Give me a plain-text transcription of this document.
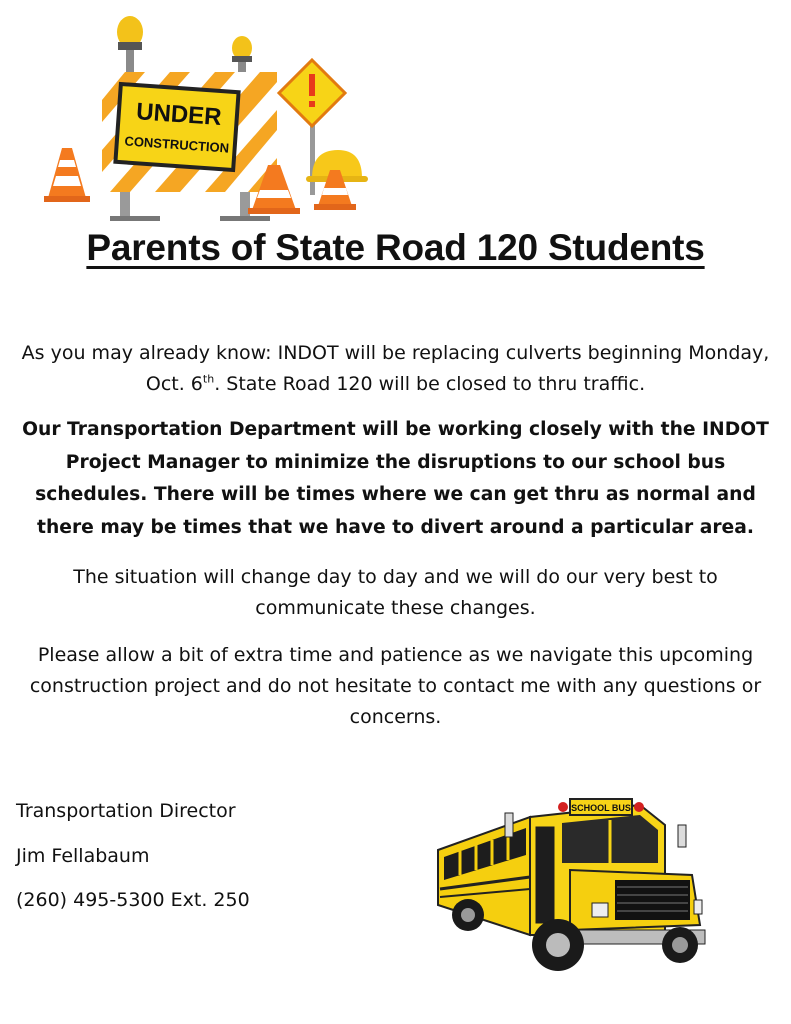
UNDER
CONSTRUCTION
Parents of State Road 120 Students

As you may already know: INDOT will be replacing culverts beginning Monday, Oct. 6th. State Road 120 will be closed to thru traffic.

Our Transportation Department will be working closely with the INDOT Project Manager to minimize the disruptions to our school bus schedules. There will be times where we can get thru as normal and there may be times that we have to divert around a particular area.

The situation will change day to day and we will do our very best to communicate these changes.

Please allow a bit of extra time and patience as we navigate this upcoming construction project and do not hesitate to contact me with any questions or concerns.

Transportation Director
Jim Fellabaum
(260) 495-5300 Ext. 250
SCHOOL BUS
